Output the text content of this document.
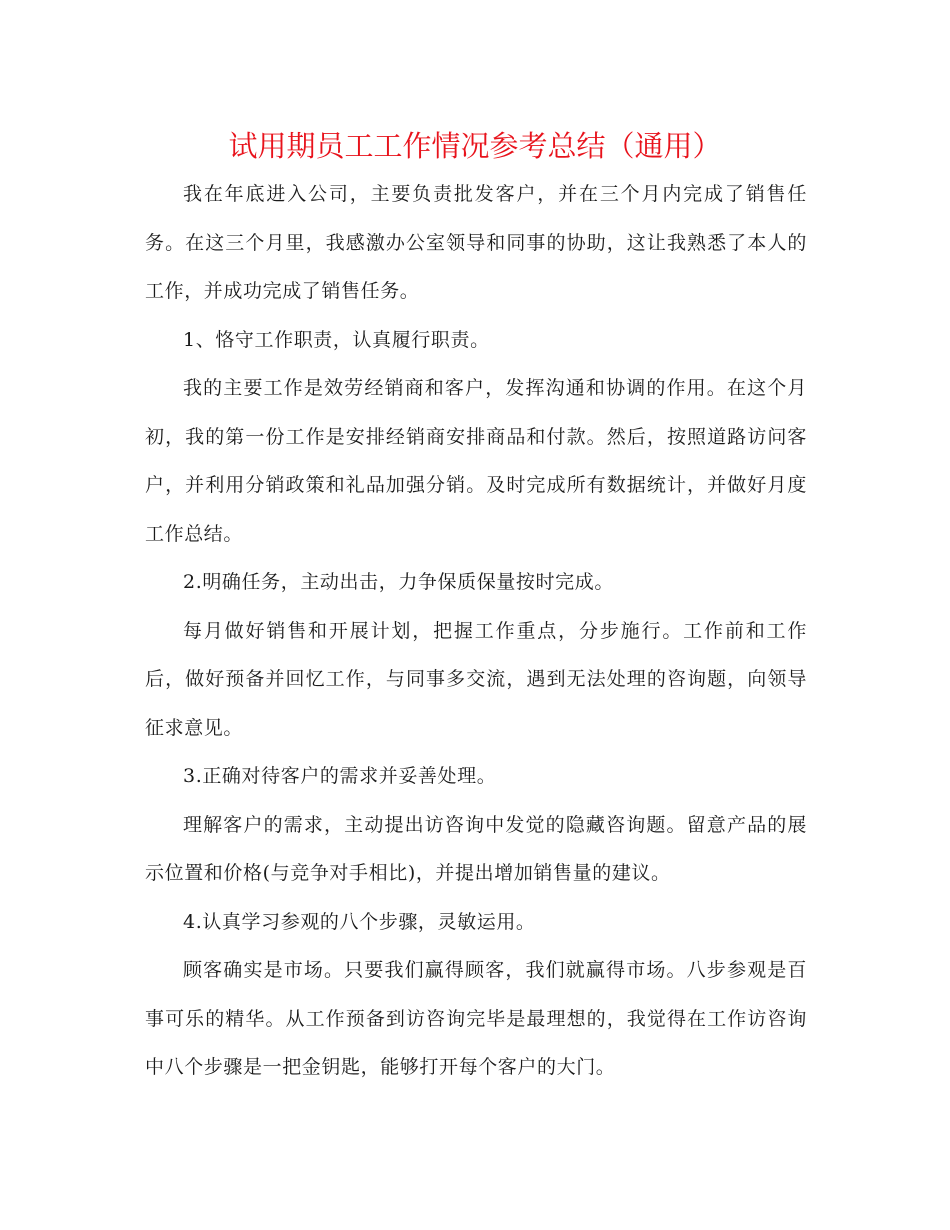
试用期员工工作情况参考总结（通用）

我在年底进入公司，主要负责批发客户，并在三个月内完成了销售任务。在这三个月里，我感激办公室领导和同事的协助，这让我熟悉了本人的工作，并成功完成了销售任务。

1、恪守工作职责，认真履行职责。

我的主要工作是效劳经销商和客户，发挥沟通和协调的作用。在这个月初，我的第一份工作是安排经销商安排商品和付款。然后，按照道路访问客户，并利用分销政策和礼品加强分销。及时完成所有数据统计，并做好月度工作总结。

2.明确任务，主动出击，力争保质保量按时完成。

每月做好销售和开展计划，把握工作重点，分步施行。工作前和工作后，做好预备并回忆工作，与同事多交流，遇到无法处理的咨询题，向领导征求意见。

3.正确对待客户的需求并妥善处理。

理解客户的需求，主动提出访咨询中发觉的隐藏咨询题。留意产品的展示位置和价格(与竞争对手相比)，并提出增加销售量的建议。

4.认真学习参观的八个步骤，灵敏运用。

顾客确实是市场。只要我们赢得顾客，我们就赢得市场。八步参观是百事可乐的精华。从工作预备到访咨询完毕是最理想的，我觉得在工作访咨询中八个步骤是一把金钥匙，能够打开每个客户的大门。
